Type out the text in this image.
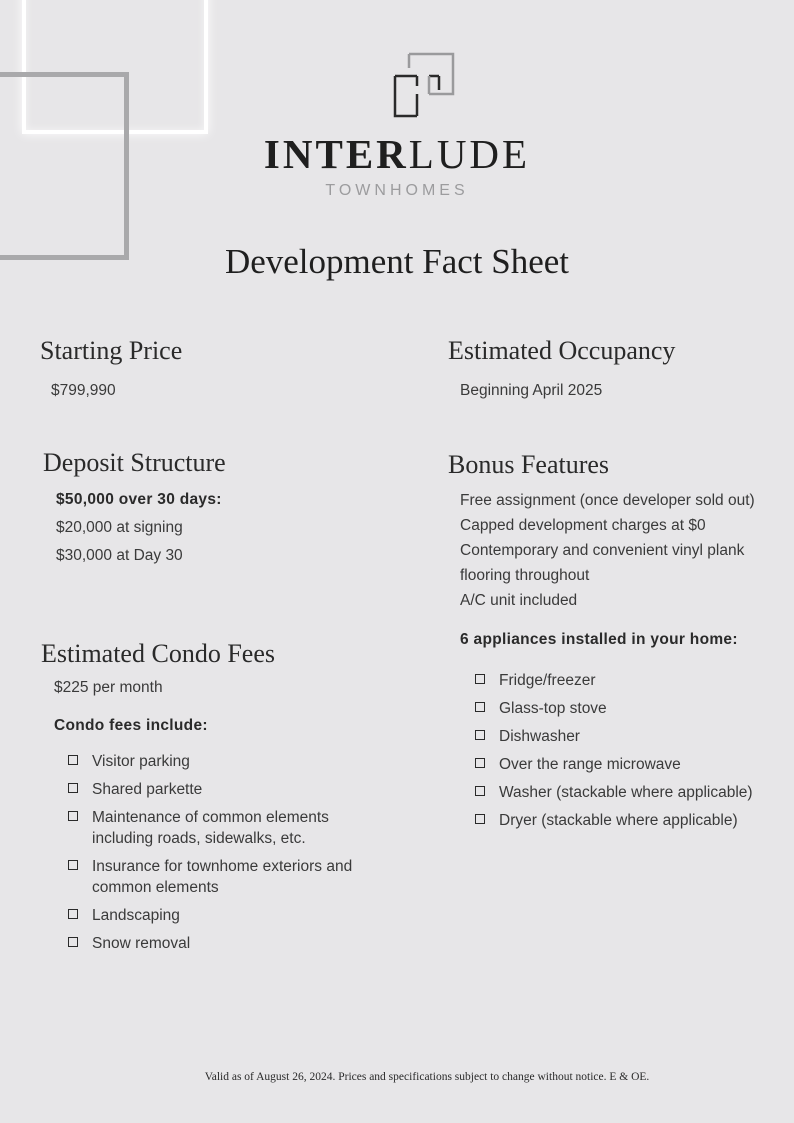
INTERLUDE
TOWNHOMES
Development Fact Sheet
Starting Price
$799,990
Estimated Occupancy
Beginning April 2025
Deposit Structure
$50,000 over 30 days:
$20,000 at signing
$30,000 at Day 30
Bonus Features
Free assignment (once developer sold out)
Capped development charges at $0
Contemporary and convenient vinyl plank
flooring throughout
A/C unit included
6 appliances installed in your home:
Fridge/freezer
Glass-top stove
Dishwasher
Over the range microwave
Washer (stackable where applicable)
Dryer (stackable where applicable)
Estimated Condo Fees
$225 per month
Condo fees include:
Visitor parking
Shared parkette
Maintenance of common elements including roads, sidewalks, etc.
Insurance for townhome exteriors and common elements
Landscaping
Snow removal
Valid as of August 26, 2024. Prices and specifications subject to change without notice. E & OE.
